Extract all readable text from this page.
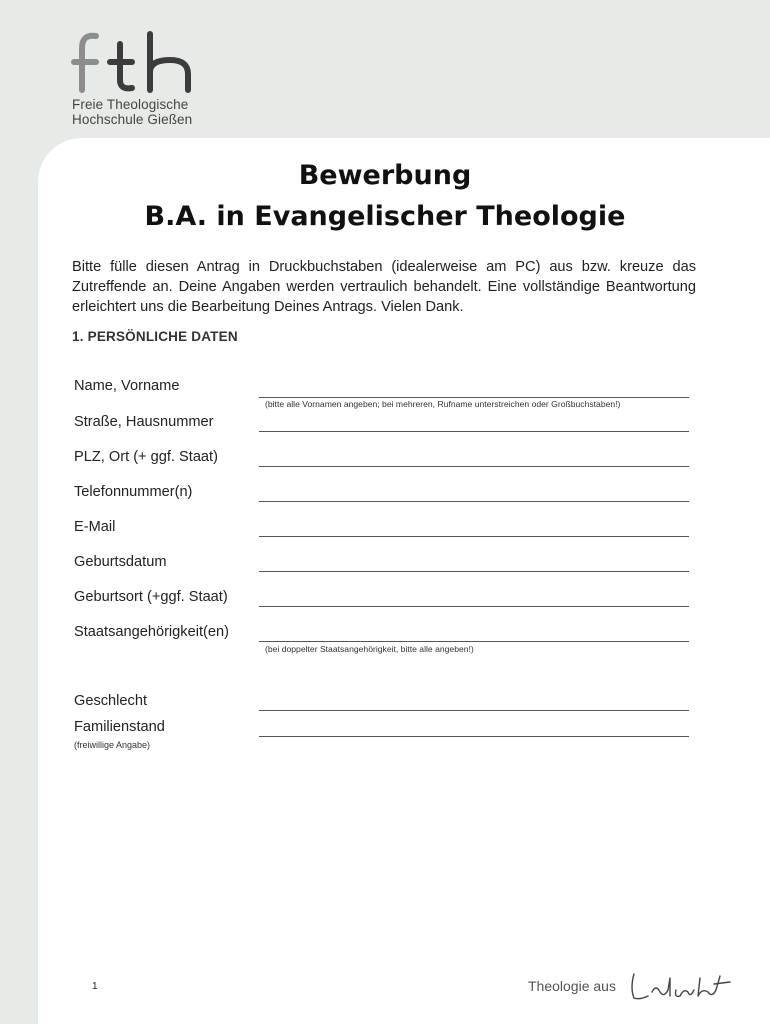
Freie Theologische
Hochschule Gießen
Bewerbung
B.A. in Evangelischer Theologie
Bitte fülle diesen Antrag in Druckbuchstaben (idealerweise am PC) aus bzw. kreuze das Zutreffende an. Deine Angaben werden vertraulich behandelt. Eine vollständige Beantwortung erleichtert uns die Bearbeitung Deines Antrags. Vielen Dank.
1. PERSÖNLICHE DATEN
Name, Vorname
(bitte alle Vornamen angeben; bei mehreren, Rufname unterstreichen oder Großbuchstaben!)
Straße, Hausnummer
PLZ, Ort (+ ggf. Staat)
Telefonnummer(n)
E-Mail
Geburtsdatum
Geburtsort (+ggf. Staat)
Staatsangehörigkeit(en)
(bei doppelter Staatsangehörigkeit, bitte alle angeben!)
Geschlecht
Familienstand
(freiwillige Angabe)
1	Theologie aus
